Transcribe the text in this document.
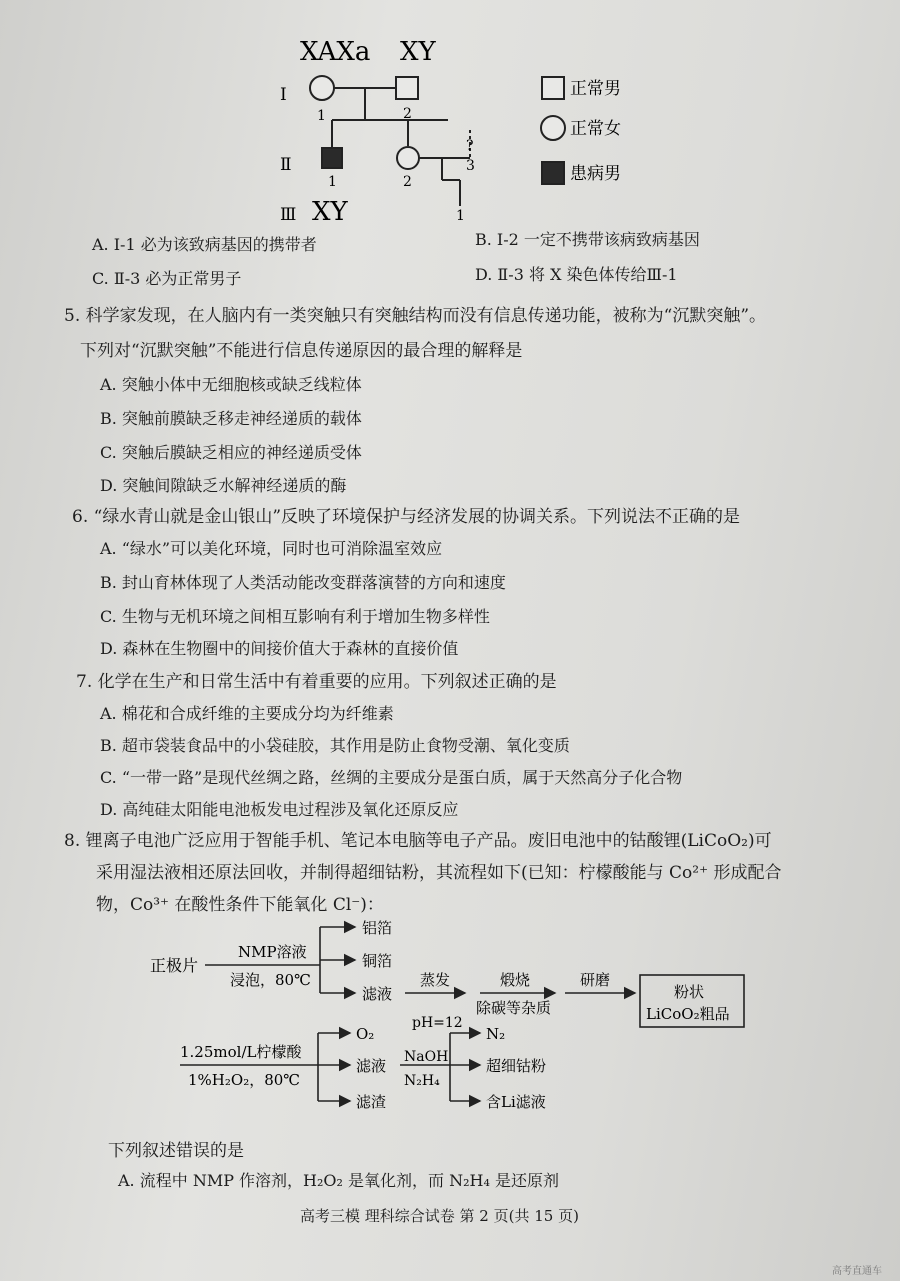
Ⅰ
Ⅱ
Ⅲ
1	2
1	2
?
3
1
XAXa XY
XY
正常男
正常女
患病男
A. Ⅰ-1 必为该致病基因的携带者	B. Ⅰ-2 一定不携带该病致病基因
C. Ⅱ-3 必为正常男子	D. Ⅱ-3 将 X 染色体传给Ⅲ-1
5. 科学家发现，在人脑内有一类突触只有突触结构而没有信息传递功能，被称为“沉默突触”。
下列对“沉默突触”不能进行信息传递原因的最合理的解释是
A. 突触小体中无细胞核或缺乏线粒体
B. 突触前膜缺乏移走神经递质的载体
C. 突触后膜缺乏相应的神经递质受体
D. 突触间隙缺乏水解神经递质的酶
6. “绿水青山就是金山银山”反映了环境保护与经济发展的协调关系。下列说法不正确的是
A. “绿水”可以美化环境，同时也可消除温室效应
B. 封山育林体现了人类活动能改变群落演替的方向和速度
C. 生物与无机环境之间相互影响有利于增加生物多样性
D. 森林在生物圈中的间接价值大于森林的直接价值
7. 化学在生产和日常生活中有着重要的应用。下列叙述正确的是
A. 棉花和合成纤维的主要成分均为纤维素
B. 超市袋装食品中的小袋硅胶，其作用是防止食物受潮、氧化变质
C. “一带一路”是现代丝绸之路，丝绸的主要成分是蛋白质，属于天然高分子化合物
D. 高纯硅太阳能电池板发电过程涉及氧化还原反应
8. 锂离子电池广泛应用于智能手机、笔记本电脑等电子产品。废旧电池中的钴酸锂(LiCoO₂)可
采用湿法液相还原法回收，并制得超细钴粉，其流程如下(已知：柠檬酸能与 Co²⁺ 形成配合
物，Co³⁺ 在酸性条件下能氧化 Cl⁻)：
正极片
NMP溶液
浸泡，80℃
铝箔
铜箔
滤液
蒸发	煅烧
除碳等杂质
研磨
粉状
LiCoO₂粗品
1.25mol/L柠檬酸
1%H₂O₂，80℃
O₂
滤液
滤渣
pH=12
NaOH
N₂H₄
N₂
超细钴粉
含Li滤液
下列叙述错误的是
A. 流程中 NMP 作溶剂，H₂O₂ 是氧化剂，而 N₂H₄ 是还原剂
高考三模 理科综合试卷 第 2 页(共 15 页)
高考直通车
